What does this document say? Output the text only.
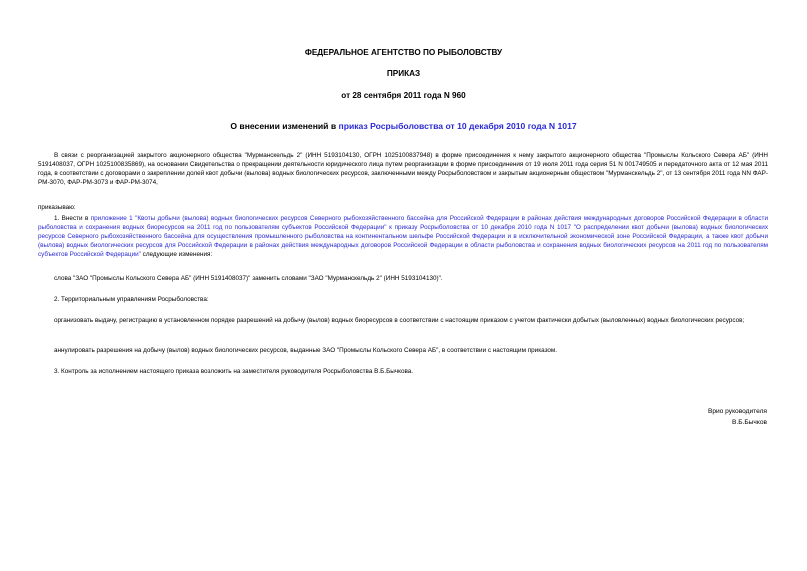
ФЕДЕРАЛЬНОЕ АГЕНТСТВО ПО РЫБОЛОВСТВУ
ПРИКАЗ
от 28 сентября 2011 года N 960
О внесении изменений в приказ Росрыболовства от 10 декабря 2010 года N 1017
В связи с реорганизацией закрытого акционерного общества "Мурманскельдь 2" (ИНН 5193104130, ОГРН 1025100837948) в форме присоединения к нему закрытого акционерного общества "Промыслы Кольского Севера АБ" (ИНН 5191408037, ОГРН 1025100835869), на основании Свидетельства о прекращении деятельности юридического лица путем реорганизации в форме присоединения от 19 июля 2011 года серия 51 N 001749505 и передаточного акта от 12 мая 2011 года, в соответствии с договорами о закреплении долей квот добычи (вылова) водных биологических ресурсов, заключенными между Росрыболовством и закрытым акционерным обществом "Мурманскельдь 2", от 13 сентября 2011 года NN ФАР-РМ-3070, ФАР-РМ-3073 и ФАР-РМ-3074,
приказываю:
1. Внести в приложение 1 "Квоты добычи (вылова) водных биологических ресурсов Северного рыбохозяйственного бассейна для Российской Федерации в районах действия международных договоров Российской Федерации в области рыболовства и сохранения водных биоресурсов на 2011 год по пользователям субъектов Российской Федерации" к приказу Росрыболовства от 10 декабря 2010 года N 1017 "О распределении квот добычи (вылова) водных биологических ресурсов Северного рыбохозяйственного бассейна для осуществления промышленного рыболовства на континентальном шельфе Российской Федерации и в исключительной экономической зоне Российской Федерации, а также квот добычи (вылова) водных биологических ресурсов для Российской Федерации в районах действия международных договоров Российской Федерации в области рыболовства и сохранения водных биологических ресурсов на 2011 год по пользователям субъектов Российской Федерации" следующие изменения:
слова "ЗАО "Промыслы Кольского Севера АБ" (ИНН 5191408037)" заменить словами "ЗАО "Мурманскельдь 2" (ИНН 5193104130)".
2. Территориальным управлениям Росрыболовства:
организовать выдачу, регистрацию в установленном порядке разрешений на добычу (вылов) водных биоресурсов в соответствии с настоящим приказом с учетом фактически добытых (выловленных) водных биологических ресурсов;
аннулировать разрешения на добычу (вылов) водных биологических ресурсов, выданные ЗАО "Промыслы Кольского Севера АБ", в соответствии с настоящим приказом.
3. Контроль за исполнением настоящего приказа возложить на заместителя руководителя Росрыболовства В.Б.Бычкова.
Врио руководителя
В.Б.Бычков
